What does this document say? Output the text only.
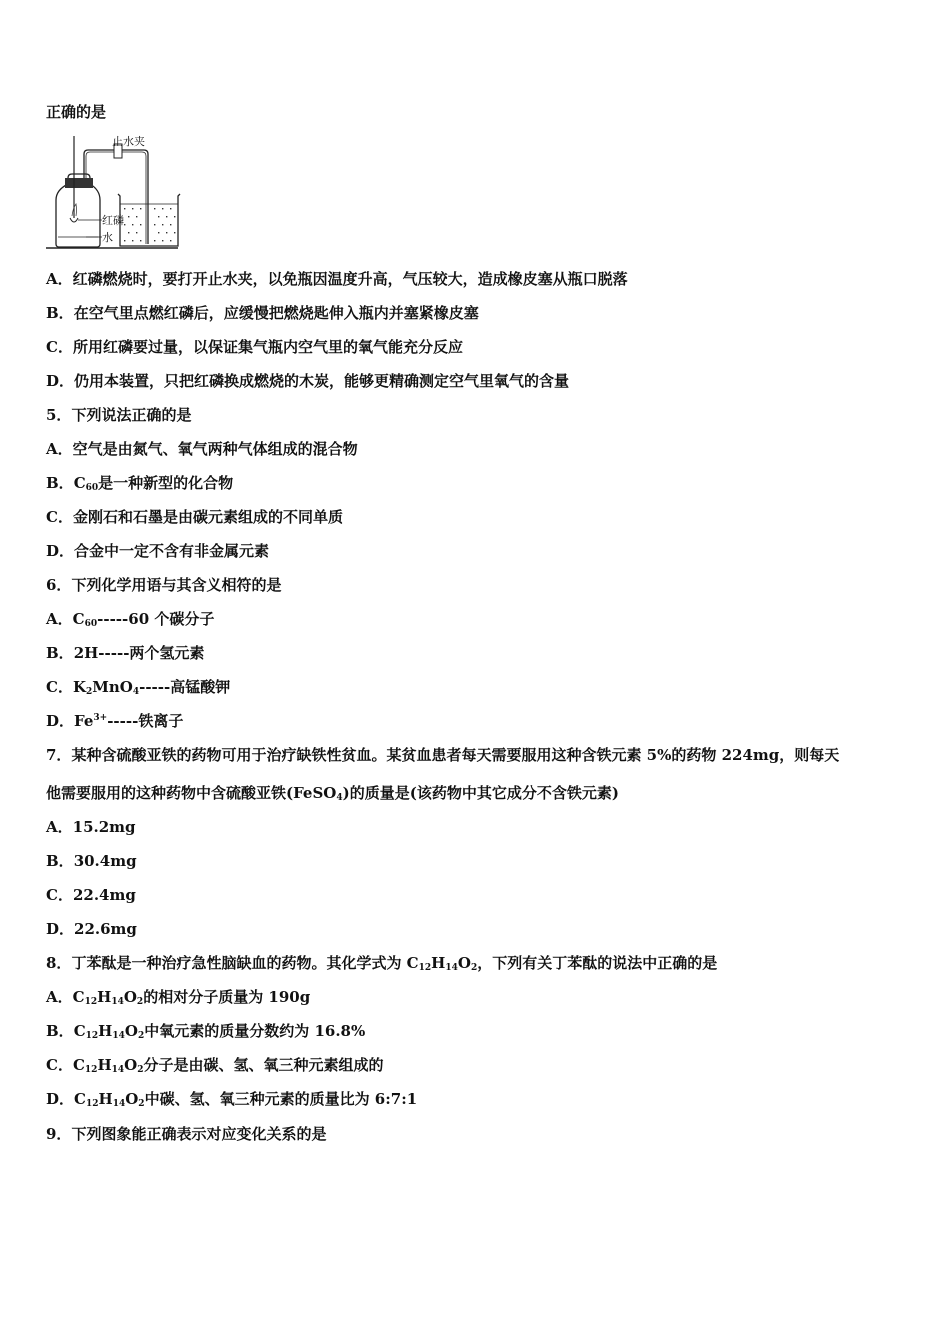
正确的是
止水夹
红磷
水
A．红磷燃烧时，要打开止水夹，以免瓶因温度升高，气压较大，造成橡皮塞从瓶口脱落
B．在空气里点燃红磷后，应缓慢把燃烧匙伸入瓶内并塞紧橡皮塞
C．所用红磷要过量，以保证集气瓶内空气里的氧气能充分反应
D．仍用本装置，只把红磷换成燃烧的木炭，能够更精确测定空气里氧气的含量
5．下列说法正确的是
A．空气是由氮气、氧气两种气体组成的混合物
B．$C_{60}$是一种新型的化合物
C．金刚石和石墨是由碳元素组成的不同单质
D．合金中一定不含有非金属元素
6．下列化学用语与其含义相符的是
A．$C_{60}-----60$ 个碳分子
B．2H-----两个氢元素
C．$K_2MnO_4-----$高锰酸钾
D．$Fe^{3+}-----$铁离子
7．某种含硫酸亚铁的药物可用于治疗缺铁性贫血。某贫血患者每天需要服用这种含铁元素 5%的药物 224mg，则每天
他需要服用的这种药物中含硫酸亚铁(FeSO$_4$)的质量是(该药物中其它成分不含铁元素)
A．15.2mg
B．30.4mg
C．22.4mg
D．22.6mg
8．丁苯酞是一种治疗急性脑缺血的药物。其化学式为 $C_{12}H_{14}O_2$，下列有关丁苯酞的说法中正确的是
A．$C_{12}H_{14}O_2$的相对分子质量为 190g
B．$C_{12}H_{14}O_2$中氧元素的质量分数约为 16.8%
C．$C_{12}H_{14}O_2$分子是由碳、氢、氧三种元素组成的
D．$C_{12}H_{14}O_2$中碳、氢、氧三种元素的质量比为 6:7:1
9．下列图象能正确表示对应变化关系的是
